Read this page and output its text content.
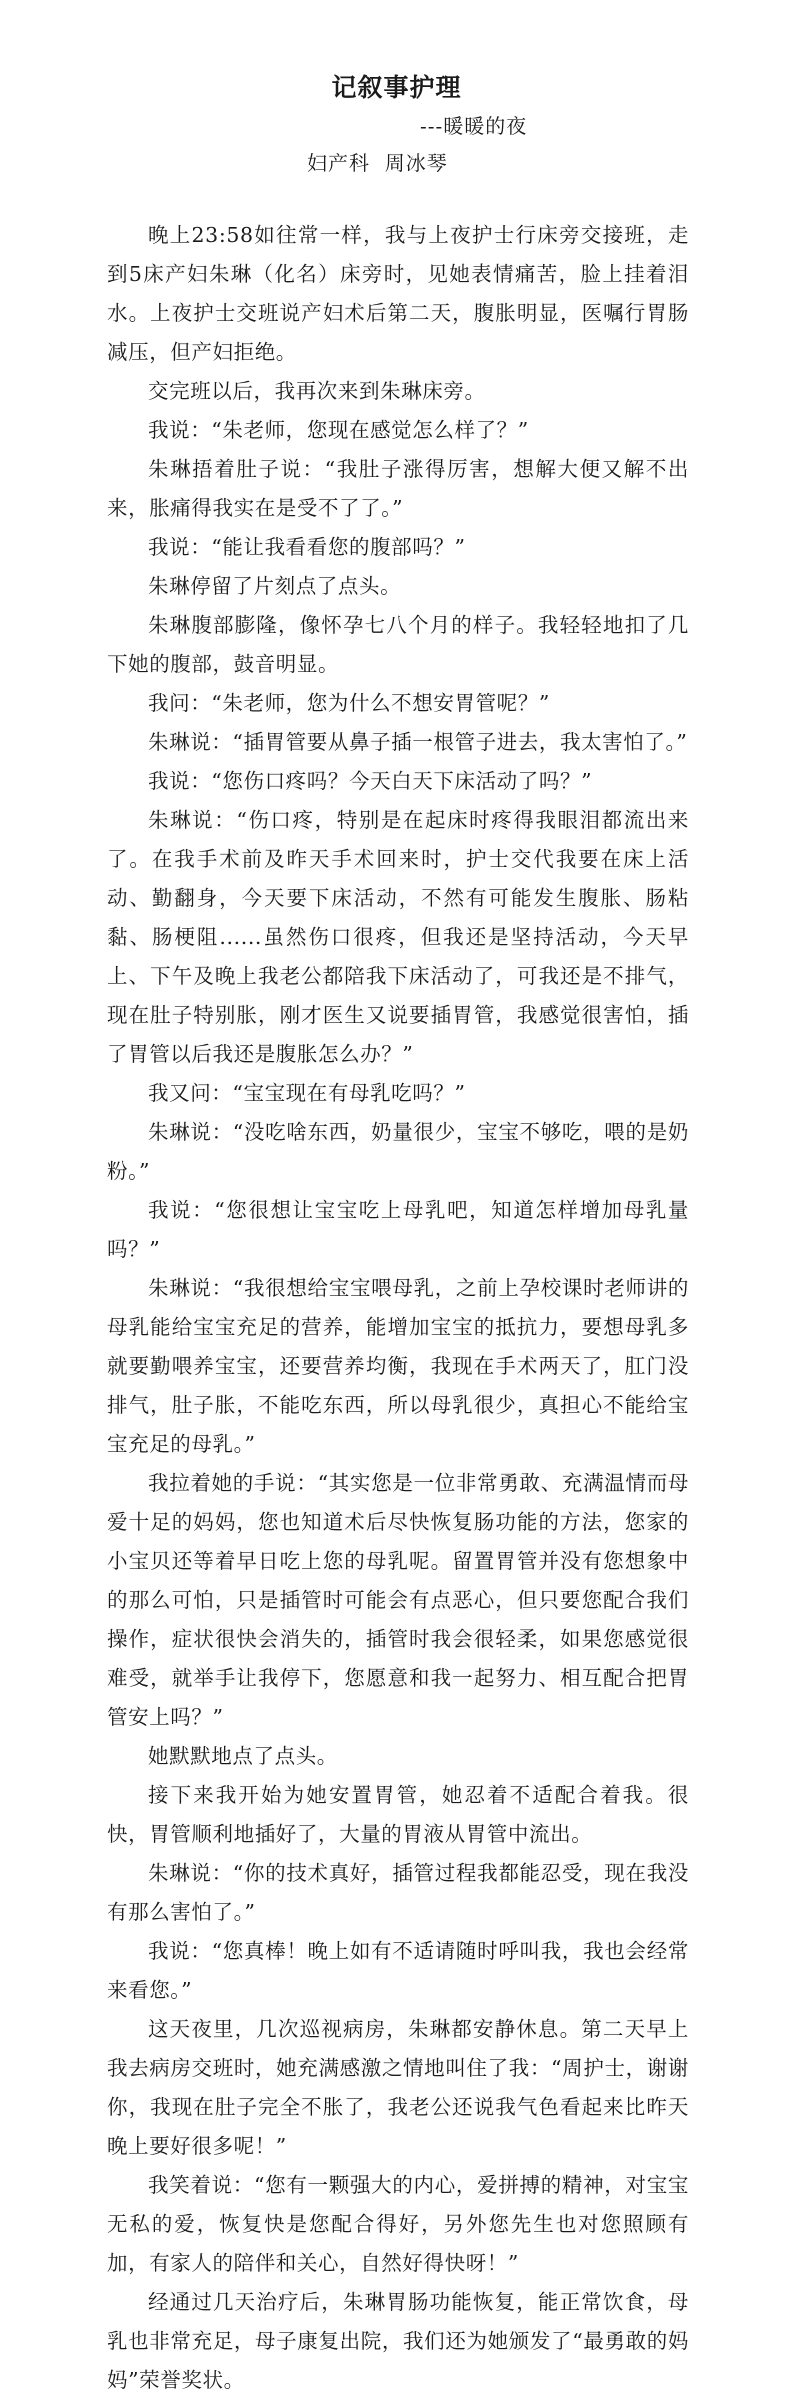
记叙事护理
---暖暖的夜
妇产科  周冰琴

晚上23:58如往常一样，我与上夜护士行床旁交接班，走到5床产妇朱琳（化名）床旁时，见她表情痛苦，脸上挂着泪水。上夜护士交班说产妇术后第二天，腹胀明显，医嘱行胃肠减压，但产妇拒绝。

交完班以后，我再次来到朱琳床旁。

我说：“朱老师，您现在感觉怎么样了？”

朱琳捂着肚子说：“我肚子涨得厉害，想解大便又解不出来，胀痛得我实在是受不了了。”

我说：“能让我看看您的腹部吗？”

朱琳停留了片刻点了点头。

朱琳腹部膨隆，像怀孕七八个月的样子。我轻轻地扣了几下她的腹部，鼓音明显。

我问：“朱老师，您为什么不想安胃管呢？”

朱琳说：“插胃管要从鼻子插一根管子进去，我太害怕了。”

我说：“您伤口疼吗？今天白天下床活动了吗？”

朱琳说：“伤口疼，特别是在起床时疼得我眼泪都流出来了。在我手术前及昨天手术回来时，护士交代我要在床上活动、勤翻身，今天要下床活动，不然有可能发生腹胀、肠粘黏、肠梗阻......虽然伤口很疼，但我还是坚持活动，今天早上、下午及晚上我老公都陪我下床活动了，可我还是不排气，现在肚子特别胀，刚才医生又说要插胃管，我感觉很害怕，插了胃管以后我还是腹胀怎么办？”

我又问：“宝宝现在有母乳吃吗？”

朱琳说：“没吃啥东西，奶量很少，宝宝不够吃，喂的是奶粉。”

我说：“您很想让宝宝吃上母乳吧，知道怎样增加母乳量吗？”

朱琳说：“我很想给宝宝喂母乳，之前上孕校课时老师讲的母乳能给宝宝充足的营养，能增加宝宝的抵抗力，要想母乳多就要勤喂养宝宝，还要营养均衡，我现在手术两天了，肛门没排气，肚子胀，不能吃东西，所以母乳很少，真担心不能给宝宝充足的母乳。”

我拉着她的手说：“其实您是一位非常勇敢、充满温情而母爱十足的妈妈，您也知道术后尽快恢复肠功能的方法，您家的小宝贝还等着早日吃上您的母乳呢。留置胃管并没有您想象中的那么可怕，只是插管时可能会有点恶心，但只要您配合我们操作，症状很快会消失的，插管时我会很轻柔，如果您感觉很难受，就举手让我停下，您愿意和我一起努力、相互配合把胃管安上吗？”

她默默地点了点头。

接下来我开始为她安置胃管，她忍着不适配合着我。很快，胃管顺利地插好了，大量的胃液从胃管中流出。

朱琳说：“你的技术真好，插管过程我都能忍受，现在我没有那么害怕了。”

我说：“您真棒！晚上如有不适请随时呼叫我，我也会经常来看您。”

这天夜里，几次巡视病房，朱琳都安静休息。第二天早上我去病房交班时，她充满感激之情地叫住了我：“周护士，谢谢你，我现在肚子完全不胀了，我老公还说我气色看起来比昨天晚上要好很多呢！”

我笑着说：“您有一颗强大的内心，爱拼搏的精神，对宝宝无私的爱，恢复快是您配合得好，另外您先生也对您照顾有加，有家人的陪伴和关心，自然好得快呀！”

经通过几天治疗后，朱琳胃肠功能恢复，能正常饮食，母乳也非常充足，母子康复出院，我们还为她颁发了“最勇敢的妈妈”荣誉奖状。
